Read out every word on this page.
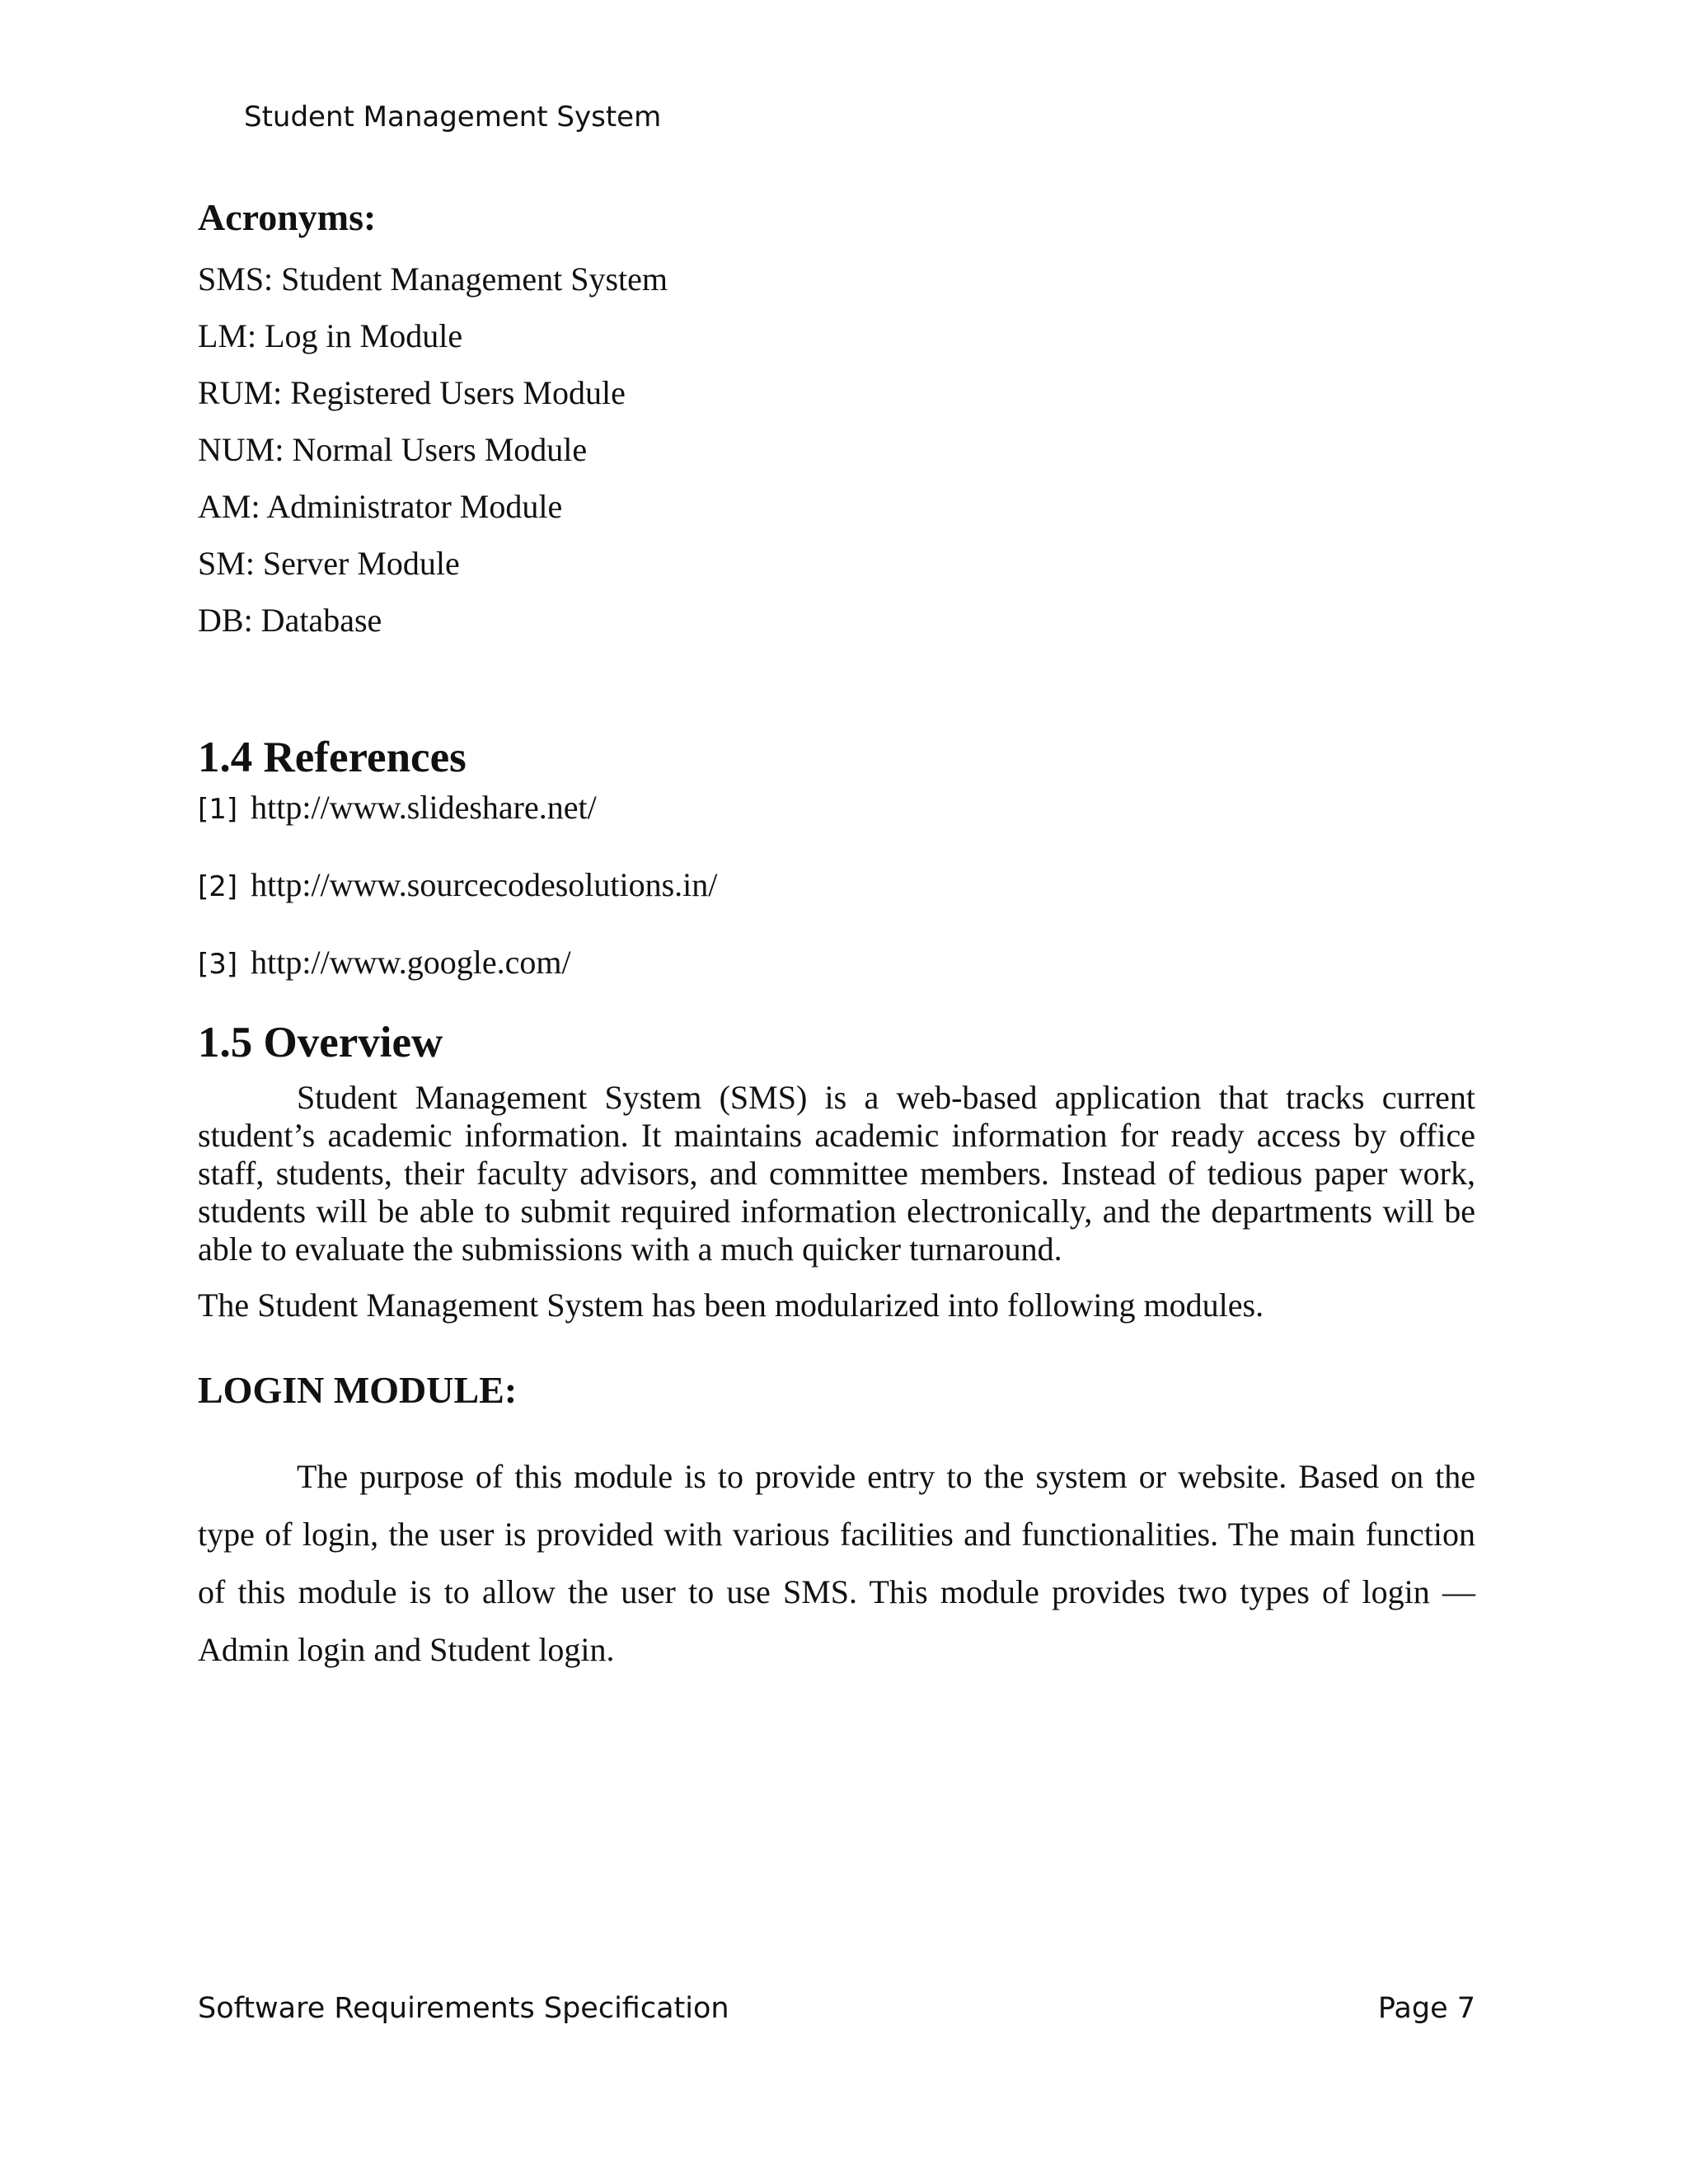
Student Management System
Acronyms:

SMS: Student Management System

LM: Log in Module

RUM: Registered Users Module

NUM: Normal Users Module

AM: Administrator Module

SM: Server Module

DB: Database

1.4 References
[1] http://www.slideshare.net/
[2] http://www.sourcecodesolutions.in/
[3] http://www.google.com/
1.5 Overview

Student Management System (SMS) is a web-based application that tracks current student’s academic information. It maintains academic information for ready access by office staff, students, their faculty advisors, and committee members. Instead of tedious paper work, students will be able to submit required information electronically, and the departments will be able to evaluate the submissions with a much quicker turnaround.

The Student Management System has been modularized into following modules.

LOGIN MODULE:

The purpose of this module is to provide entry to the system or website. Based on the type of login, the user is provided with various facilities and functionalities. The main function of this module is to allow the user to use SMS. This module provides two types of login —Admin login and Student login.

Software Requirements Specification	Page 7
